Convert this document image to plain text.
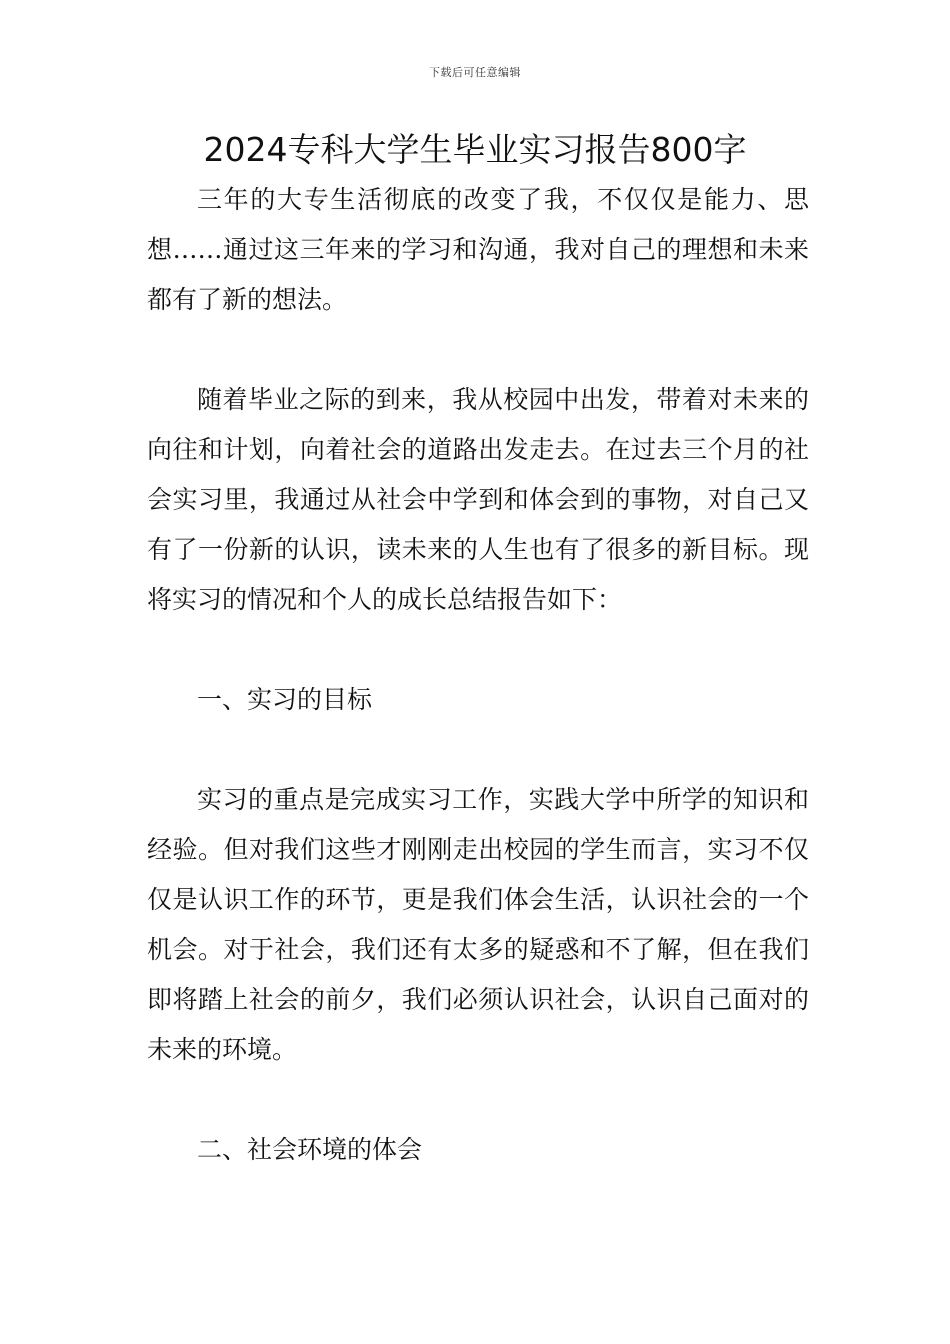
下载后可任意编辑
2024专科大学生毕业实习报告800字

三年的大专生活彻底的改变了我，不仅仅是能力、思想……通过这三年来的学习和沟通，我对自己的理想和未来都有了新的想法。

随着毕业之际的到来，我从校园中出发，带着对未来的向往和计划，向着社会的道路出发走去。在过去三个月的社会实习里，我通过从社会中学到和体会到的事物，对自己又有了一份新的认识，读未来的人生也有了很多的新目标。现将实习的情况和个人的成长总结报告如下：

一、实习的目标

实习的重点是完成实习工作，实践大学中所学的知识和经验。但对我们这些才刚刚走出校园的学生而言，实习不仅仅是认识工作的环节，更是我们体会生活，认识社会的一个机会。对于社会，我们还有太多的疑惑和不了解，但在我们即将踏上社会的前夕，我们必须认识社会，认识自己面对的未来的环境。

二、社会环境的体会
